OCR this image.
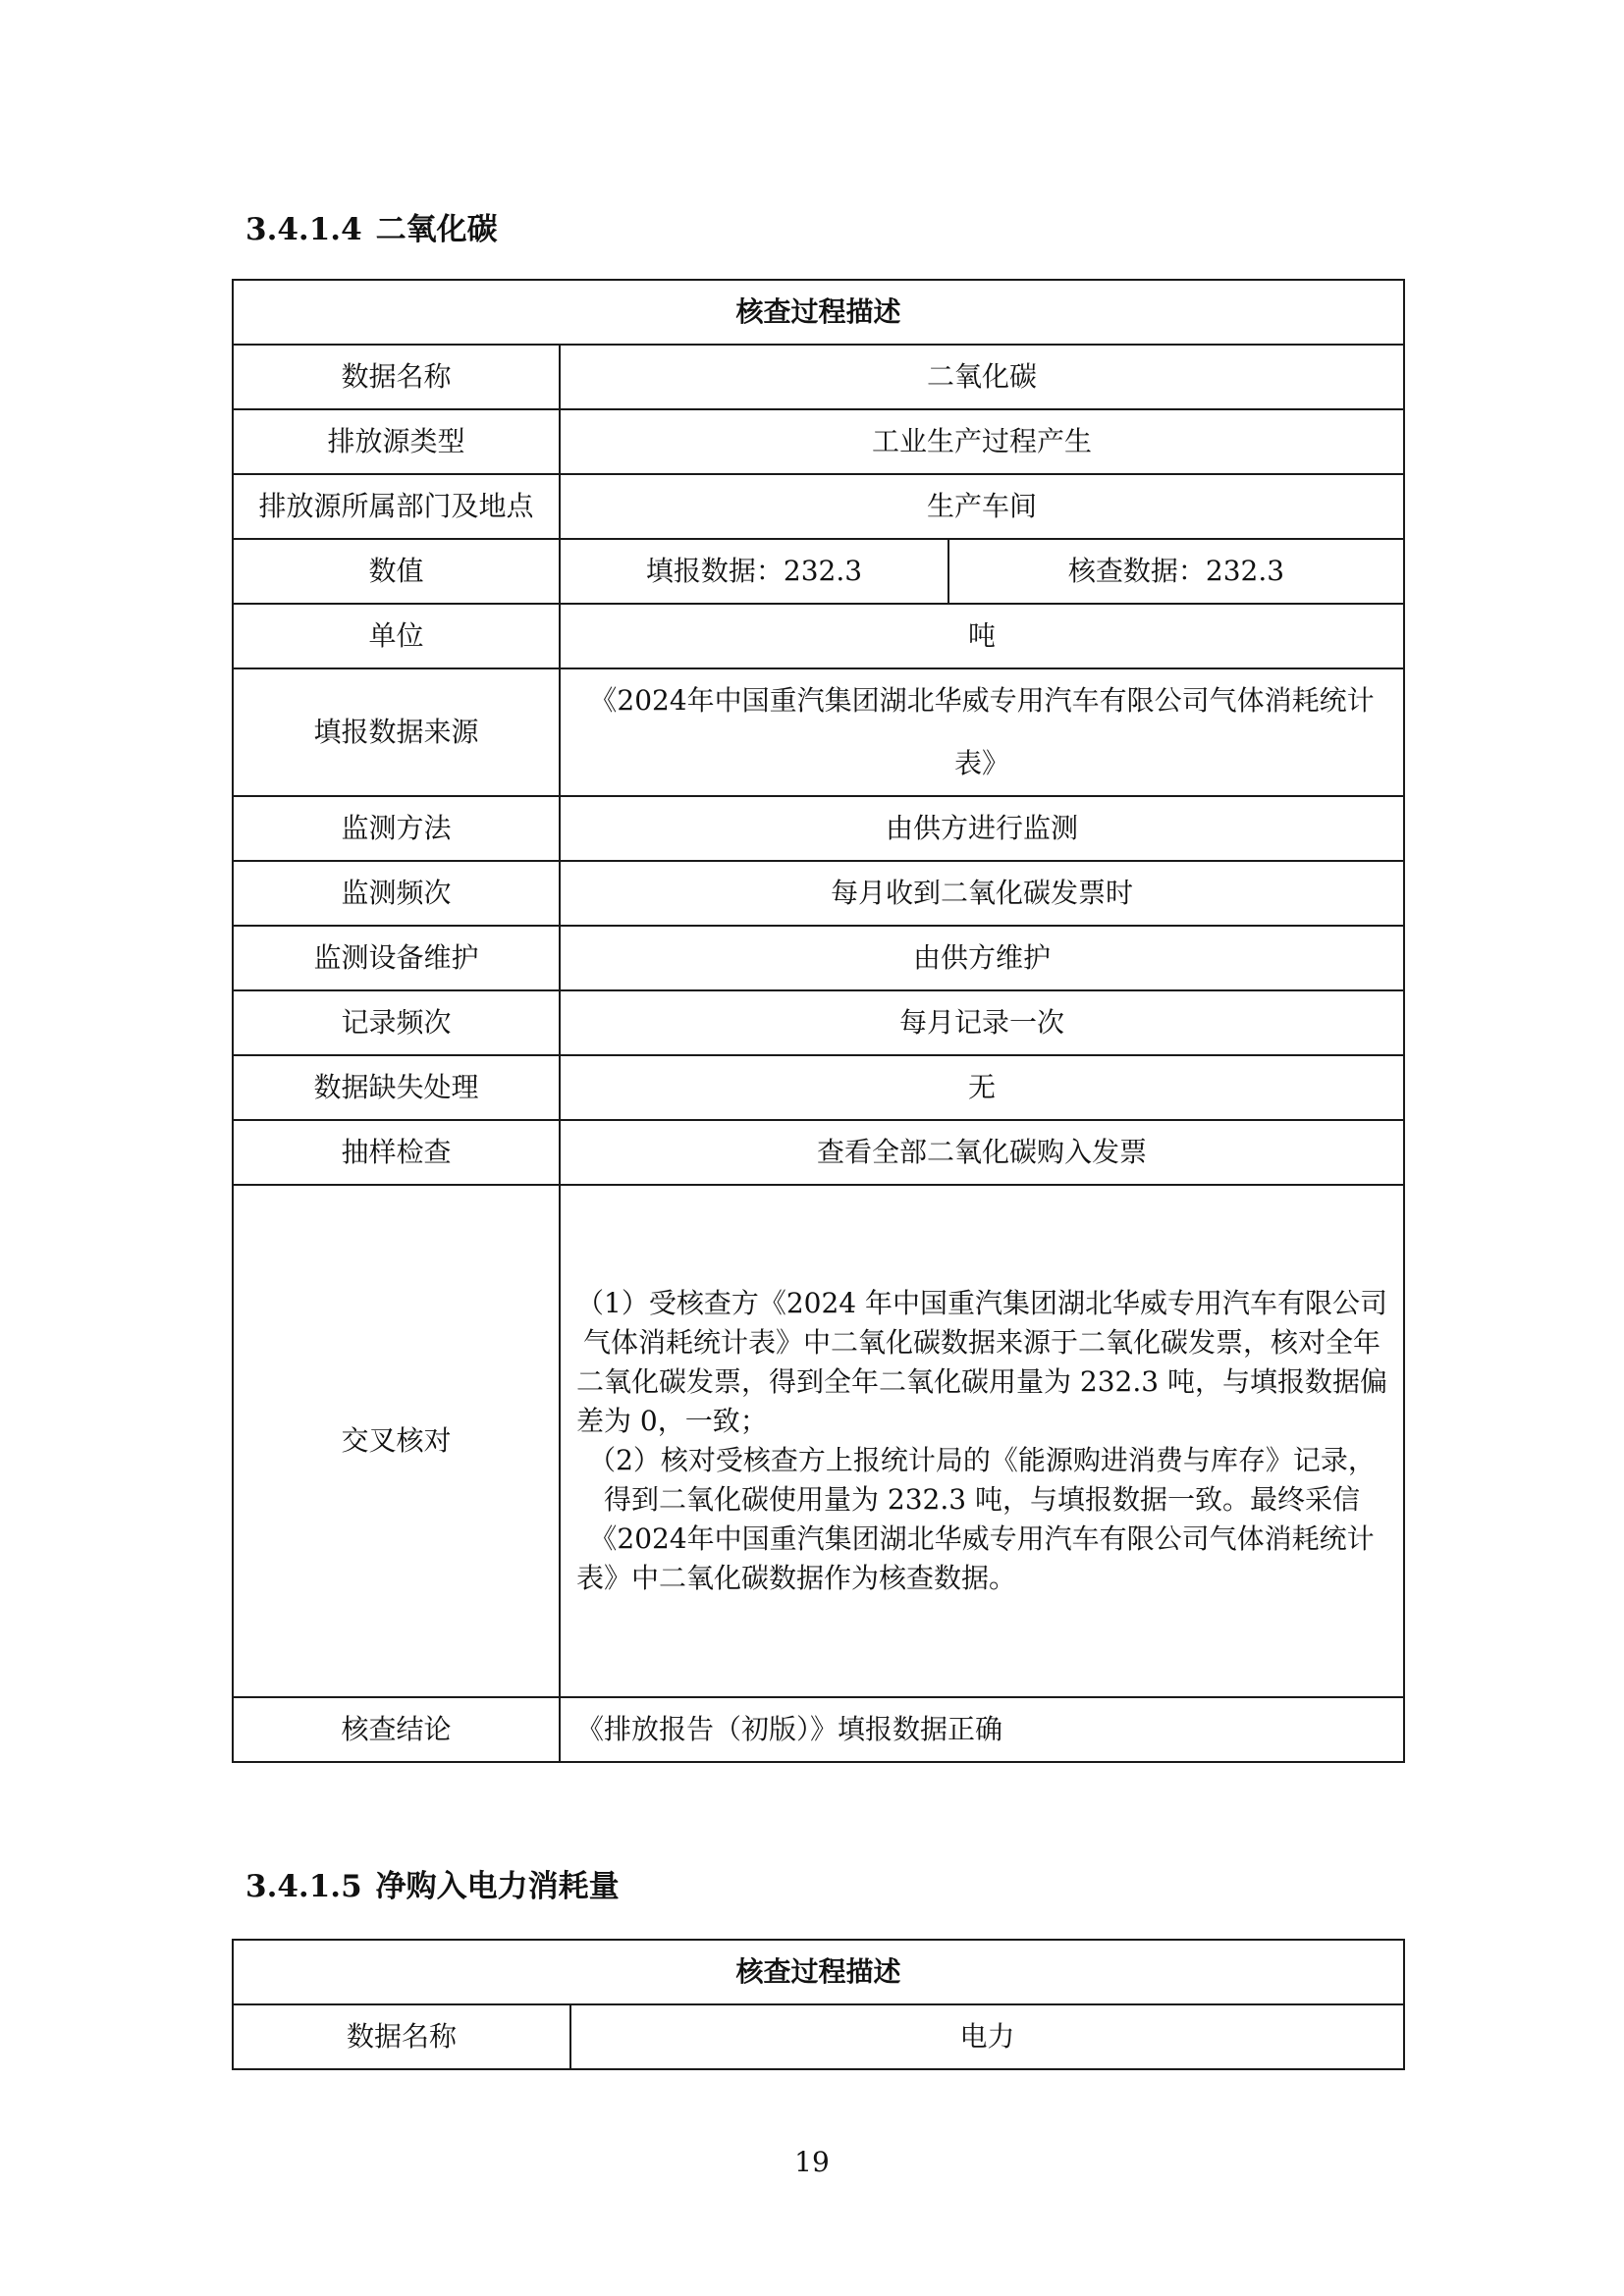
3.4.1.4 二氧化碳
核查过程描述		
数据名称	二氧化碳	
排放源类型	工业生产过程产生	
排放源所属部门及地点	生产车间	
数值	填报数据：232.3	核查数据：232.3
单位	吨	
填报数据来源	《2024年中国重汽集团湖北华威专用汽车有限公司气体消耗统计表》	
监测方法	由供方进行监测	
监测频次	每月收到二氧化碳发票时	
监测设备维护	由供方维护	
记录频次	每月记录一次	
数据缺失处理	无	
抽样检查	查看全部二氧化碳购入发票	
交叉核对	（1）受核查方《2024 年中国重汽集团湖北华威专用汽车有限公司气体消耗统计表》中二氧化碳数据来源于二氧化碳发票，核对全年二氧化碳发票，得到全年二氧化碳用量为 232.3 吨，与填报数据偏差为 0，一致；

（2）核对受核查方上报统计局的《能源购进消费与库存》记录，得到二氧化碳使用量为 232.3 吨，与填报数据一致。最终采信《2024年中国重汽集团湖北华威专用汽车有限公司气体消耗统计表》中二氧化碳数据作为核查数据。	

核查结论	《排放报告（初版）》填报数据正确	
3.4.1.5 净购入电力消耗量
核查过程描述
数据名称	电力
19
